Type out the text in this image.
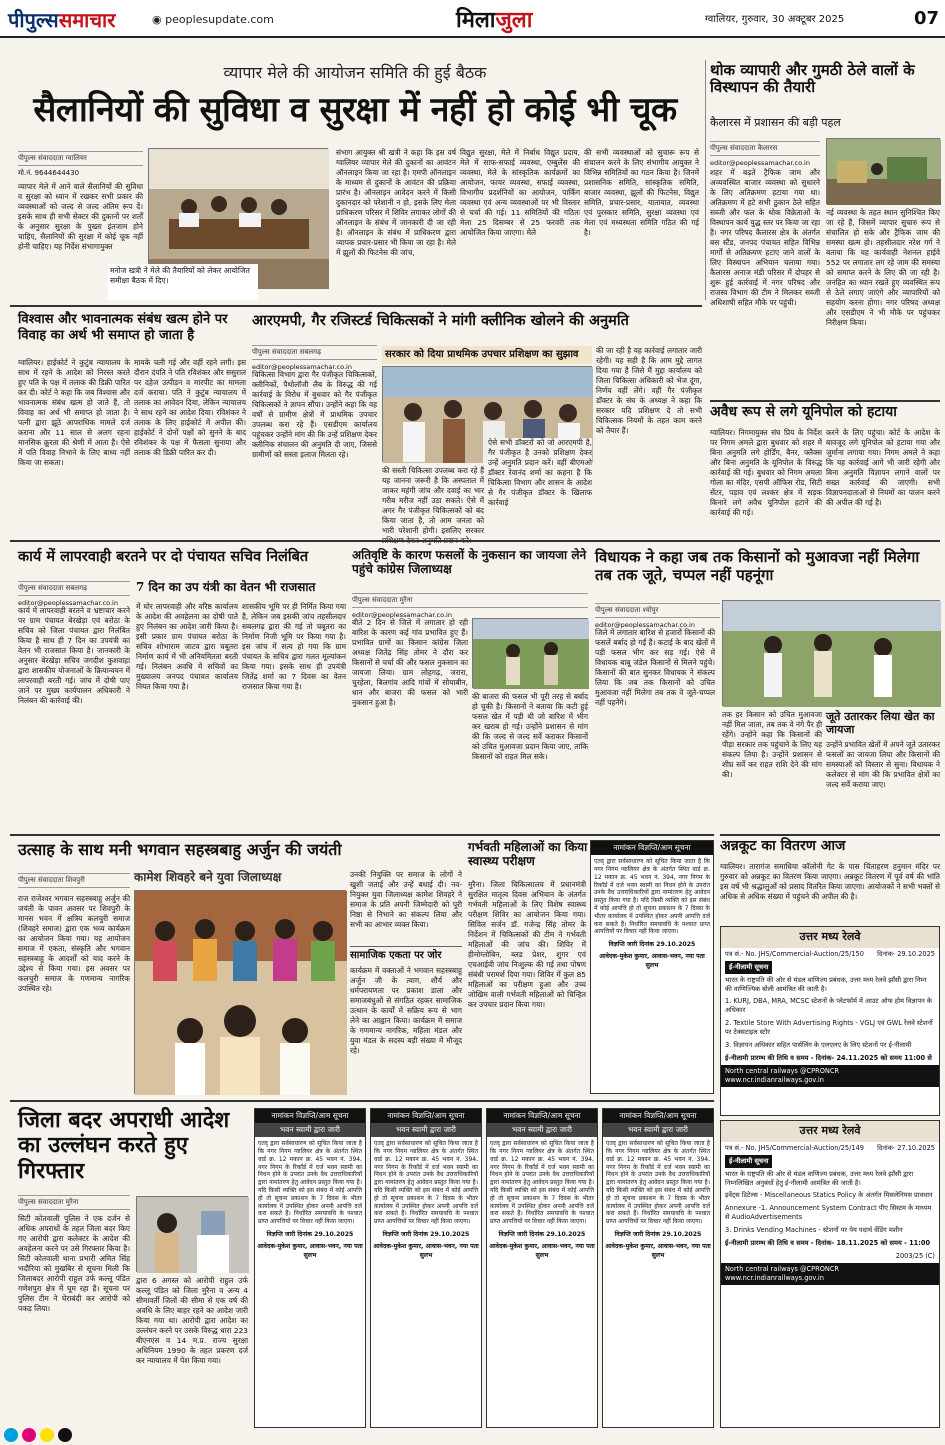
पीपुल्ससमाचार	◉ peoplesupdate.com	मिलाजुला	ग्वालियर, गुरुवार, 30 अक्टूबर 2025	07
व्यापार मेले की आयोजन समिति की हुई बैठक
सैलानियों की सुविधा व सुरक्षा में नहीं हो कोई भी चूक
पीपुल्स संवाददाता ग्वालियर
मो.नं. 9644644430
व्यापार मेले में आने वाले सैलानियों की सुविधा व सुरक्षा को ध्यान में रखकर सभी प्रकार की व्यवस्थाओं को जल्द से जल्द अंतिम रूप दें। इसके साथ ही सभी सेक्टर की दुकानों पर शर्तों के अनुसार सुरक्षा के पुख्ता इंतजाम होने चाहिए, सैलानियों की सुरक्षा में कोई चूक नहीं होनी चाहिए। यह निर्देश संभागायुक्त
मनोज खत्री ने मेले की तैयारियों को लेकर आयोजित समीक्षा बैठक में दिए।
संभाग आयुक्त श्री खत्री ने कहा कि इस वर्ष ग्वालियर व्यापार मेले की दुकानों का आवंटन ऑनलाइन किया जा रहा है। एमपी ऑनलाइन के माध्यम से दुकानों के आवंटन की प्रक्रिया प्रारंभ है। ऑनलाइन आवेदन करने में किसी दुकानदार को परेशानी न हो, इसके लिए मेला प्राधिकरण परिसर में शिविर लगाकर लोगों की ऑनलाइन के संबंध में जानकारी दी जा रही है। ऑनलाइन के संबंध में प्राधिकरण द्वारा व्यापक प्रचार-प्रसार भी किया जा रहा है। मेले में झूलों की फिटनेस की जांच,
विद्युत सुरक्षा, मेले में निर्बाध विद्युत प्रदाय, मेले में साफ-सफाई व्यवस्था, एम्बुलेंस की व्यवस्था, मेले के सांस्कृतिक कार्यक्रमों का आयोजन, फायर व्यवस्था, सफाई व्यवस्था, विभागीय प्रदर्शनियों का आयोजन, पार्किंग व्यवस्था एवं अन्य व्यवस्थाओं पर भी विस्तार से चर्चा की गई। 11 समितियों की गठितः मेला 25 दिसम्बर से 25 फरवरी तक आयोजित किया जाएगा। मेले
की सभी व्यवस्थाओं को सुचारू रूप से संचालन करने के लिए संभागीय आयुक्त ने विभिन्न समितियों का गठन किया है। जिनमें प्रशासनिक समिति, सांस्कृतिक समिति, बाजार व्यवस्था, झूलों की फिटनेस, विद्युत समिति, प्रचार-प्रसार, यातायात, व्यवस्था एवं पुरस्कार समिति, सुरक्षा व्यवस्था एवं मेला एवं मध्यस्थता समिति गठित की गई है।
थोक व्यापारी और गुमठी ठेले वालों के विस्थापन की तैयारी
कैलारस में प्रशासन की बड़ी पहल
पीपुल्स संवाददाता कैलारस
editor@peoplessamachar.co.in
शहर में बढ़ते ट्रैफिक जाम और अव्यवस्थित बाजार व्यवस्था को सुधारने के लिए अतिक्रमण हटाया गया था। अतिक्रमण में हटे सभी ठुकान ठेले सहित सब्जी और फल के थोक विक्रेताओं के विस्थापन कार्य युद्ध स्तर पर किया जा रहा है। नगर परिषद कैलारस क्षेत्र के अंतर्गत बस स्टैंड, जनपद पंचायत सहित विभिन्न मार्गों से अतिक्रमण हटाए जाने वालों के लिए विस्थापन अभियान चलाया गया। कैलारस अनाज मंडी परिसर में दोपहर से शुरू हुई कार्रवाई में नगर परिषद और राजस्व विभाग की टीम ने मिलकर सब्जी अधिशाषी सहित मौके पर पहुंची।
नई व्यवस्था के तहत स्थान सुनिश्चित किए जा रहे हैं, जिसमें व्यापार सुचारु रूप से संचालित हो सके और ट्रैफिक जाम की समस्या खत्म हो। तहसीलदार नरेश गर्ग ने बताया कि यह कार्यवाही नेशनल हाईवे 552 पर लगातार लग रहे जाम की समस्या को समाप्त करने के लिए की जा रही है। जनहित का ध्यान रखते हुए व्यवस्थित रूप से ठेले लगाए जाएंगे और व्यापारियों को सहयोग करना होगा। नगर परिषद अध्यक्ष और एसडीएम ने भी मौके पर पहुंचकर निरीक्षण किया।
अवैध रूप से लगे यूनिपोल को हटाया
ग्वालियर। निगमायुक्त संघ प्रिय के निर्देश पर निगम अमले द्वारा बुधवार को शहर में बिना अनुमति लगे होर्डिंग, बैनर, फ्लैक्स और बिना अनुमति के यूनिपोल के विरुद्ध कार्रवाई की गई। बुधवार को निगम अमला गोला का मंदिर, एसपी ऑफिस रोड, सिटी सेंटर, पड़ाव एवं लश्कर क्षेत्र में सड़क किनारे लगे अवैध यूनिपोल हटाने की कार्रवाई की गई।
करने के लिए पहुंचा। कोर्ट के आदेश के बावजूद लगे यूनिपोल को हटाया गया और जुर्माना लगाया गया। निगम अमले ने कहा कि यह कार्रवाई आगे भी जारी रहेगी और बिना अनुमति विज्ञापन लगाने वालों पर सख्त कार्रवाई की जाएगी। सभी विज्ञापनदाताओं से नियमों का पालन करने की अपील की गई है।
विश्वास और भावनात्मक संबंध खत्म होने पर विवाह का अर्थ भी समाप्त हो जाता है
ग्वालियर। हाईकोर्ट ने कुटुंब न्यायालय के साथ में रहने के आदेश को निरस्त करते हुए पति के पक्ष में तलाक की डिक्री पारित कर दी। कोर्ट ने कहा कि जब विश्वास और भावनात्मक संबंध खत्म हो जाते हैं, तो विवाह का अर्थ भी समाप्त हो जाता है। पत्नी द्वारा झूठे आपराधिक मामले दर्ज कराना और 11 साल से अलग रहना मानसिक क्रूरता की श्रेणी में आता है। ऐसे में पति विवाह निभाने के लिए बाध्य नहीं किया जा सकता।
मायके चली गई और वहीं रहने लगी। इस दौरान दंपति ने पति रविशंकर और ससुराल पर दहेज उत्पीड़न व मारपीट का मामला दर्ज कराया। पति ने कुटुंब न्यायालय में तलाक का आवेदन दिया, लेकिन न्यायालय ने साथ रहने का आदेश दिया। रविशंकर ने तलाक के लिए हाईकोर्ट में अपील की। हाईकोर्ट ने दोनों पक्षों को सुनने के बाद रविशंकर के पक्ष में फैसला सुनाया और तलाक की डिक्री पारित कर दी।
आरएमपी, गैर रजिस्टर्ड चिकित्सकों ने मांगी क्लीनिक खोलने की अनुमति
पीपुल्स संवाददाता सबलगढ़
editor@peoplessamachar.co.in
चिकित्सा विभाग द्वारा गैर पंजीकृत चिकित्सकों, क्लीनिकों, पैथोलॉजी लैब के विरुद्ध की गई कार्रवाई के विरोध में बुधवार को गैर पंजीकृत चिकित्सकों ने ज्ञापन सौंपा। उन्होंने कहा कि वह वर्षों से ग्रामीण क्षेत्रों में प्राथमिक उपचार उपलब्ध करा रहे हैं। एसडीएम कार्यालय पहुंचकर उन्होंने मांग की कि उन्हें प्रशिक्षण देकर क्लीनिक संचालन की अनुमति दी जाए, जिससे ग्रामीणों को सस्ता इलाज मिलता रहे।
सरकार को दिया प्राथमिक उपचार प्रशिक्षण का सुझाव
की सस्ती चिकित्सा उपलब्ध करा रहे हैं यह जानना जरूरी है कि अस्पताल में जाकर महंगी जांच और दवाई का भार गरीब मरीज नहीं उठा सकते। ऐसे में अगर गैर पंजीकृत चिकित्सकों को बंद किया जाता है, तो आम जनता को भारी परेशानी होगी। इसलिए सरकार
ऐसे सभी डॉक्टरों को जो आरएमपी है, गैर पंजीकृत है उनको प्रशिक्षण देकर उन्हें अनुमति प्रदान करें। वहीं बीएमओ डॉक्टर रेवानंद शर्मा का कहना है कि चिकित्सा विभाग और शासन के आदेश से गैर पंजीकृत डॉक्टर के खिलाफ कार्रवाई
की जा रही है यह कार्रवाई लगातार जारी रहेगी। यह सही है कि आम मुद्दे लागत दिया गया है जिसे मैं मुद्दा कार्यालय को जिला चिकित्सा अधिकारी को भेज दूंगा, निर्णय वहीं लेंगे। वहीं गैर पंजीकृत डॉक्टर के संघ के अध्यक्ष ने कहा कि सरकार यदि प्रशिक्षण दे तो सभी चिकित्सक नियमों के तहत काम करने को तैयार हैं।
कार्य में लापरवाही बरतने पर दो पंचायत सचिव निलंबित
पीपुल्स संवाददाता सबलगढ़
editor@peoplessamachar.co.in
कार्य में लापरवाही बरतने व भ्रष्टाचार करने पर ग्राम पंचायत बेरखेड़ा एवं बरोठा के सचिव को जिला पंचायत द्वारा निलंबित किया है साथ ही 7 दिन का उपयंत्री का वेतन भी राजसात किया है। जानकारी के अनुसार बेरखेड़ा सचिव जगदीश कुशवाहा द्वारा शासकीय योजनाओं के क्रियान्वयन में लापरवाही बरती गई। जांच में दोषी पाए जाने पर मुख्य कार्यपालन अधिकारी ने निलंबन की कार्रवाई की।
7 दिन का उप यंत्री का वेतन भी राजसात
में घोर लापरवाही और वरिष्ठ कार्यालय के आदेश की अवहेलना का दोषी पाते हुए निलंबन का आदेश जारी किया है। इसी प्रकार ग्राम पंचायत बरोठा के सचिव शोभाराम जाटव द्वारा चबूतरा निर्माण कार्य में भी अनियमितता बरती गई। निलंबन अवधि में सचिवों का मुख्यालय जनपद पंचायत कार्यालय नियत किया गया है।
शासकीय भूमि पर ही निर्मित किया गया है, लेकिन जब इसकी जांच तहसीलदार सबलगढ़ द्वारा की गई तो चबूतरा का निर्माण निजी भूमि पर किया गया है। इस जांच में सत्य हो गया कि ग्राम पंचायत के सचिव द्वारा गलत मूल्यांकन किया गया। इसके साथ ही उपयंत्री जितेंद्र शर्मा का 7 दिवस का वेतन राजसात किया गया है।
अतिवृष्टि के कारण फसलों के नुकसान का जायजा लेने पहुंचे कांग्रेस जिलाध्यक्ष
पीपुल्स संवाददाता मुरैना
editor@peoplessamachar.co.in
बीते 2 दिन से जिले में लगातार हो रही बारिश के कारण कई गांव प्रभावित हुए हैं। प्रभावित ग्रामों का किसान कांग्रेस जिला अध्यक्ष जितेंद्र सिंह तोमर ने दौरा कर किसानों से चर्चा की और फसल नुकसान का जायजा लिया। ग्राम लोहगढ़, जरारा, चुरहेला, बिलगांव आदि गांवों में सोयाबीन, धान और बाजरा की फसल को भारी नुकसान हुआ है।
की बाजरा की फसल भी पूरी तरह से बर्बाद हो चुकी है। किसानों ने बताया कि कटी हुई फसल खेत में पड़ी थी जो बारिश में भीग कर खराब हो गई। उन्होंने प्रशासन से मांग की कि जल्द से जल्द सर्वे कराकर किसानों को उचित मुआवजा प्रदान किया जाए, ताकि किसानों को राहत मिल सके।
विधायक ने कहा जब तक किसानों को मुआवजा नहीं मिलेगा तब तक जूते, चप्पल नहीं पहनूंगा
पीपुल्स संवाददाता श्योपुर
editor@peoplessamachar.co.in
जिले में लगातार बारिश से हजारों किसानों की फसलें बर्बाद हो गईं हैं। कटाई के बाद खेतों में पड़ी फसल भीग कर सड़ गई। ऐसे में विधायक बाबू जंडेल किसानों से मिलने पहुंचे। किसानों की बात सुनकर विधायक ने संकल्प लिया कि जब तक किसानों को उचित मुआवजा नहीं मिलेगा तब तक वे जूते-चप्पल नहीं पहनेंगे।
तक हर किसान को उचित मुआवजा नहीं मिल जाता, तब तक वे नंगे पैर ही रहेंगे। उन्होंने कहा कि किसानों की पीड़ा सरकार तक पहुंचाने के लिए यह संकल्प लिया है। उन्होंने प्रशासन से शीघ्र सर्वे कर राहत राशि देने की मांग की।
जूते उतारकर लिया खेत का जायजा
उन्होंने प्रभावित खेतों में अपने जूते उतारकर फसलों का जायजा लिया और किसानों की समस्याओं को विस्तार से सुना। विधायक ने कलेक्टर से मांग की कि प्रभावित क्षेत्रों का जल्द सर्वे कराया जाए।
अन्नकूट का वितरण आज
ग्वालियर। तारागंज समाधिया कॉलोनी गेट के पास चिंताहरण हनुमान मंदिर पर गुरुवार को अन्नकूट का वितरण किया जाएगा। अन्नकूट वितरण में पूर्व वर्ष की भांति इस वर्ष भी श्रद्धालुओं को प्रसाद वितरित किया जाएगा। आयोजकों ने सभी भक्तों से अधिक से अधिक संख्या में पहुंचने की अपील की है।
उत्साह के साथ मनी भगवान सहस्त्रबाहु अर्जुन की जयंती
पीपुल्स संवाददाता शिवपुरी
राज राजेश्वर भगवान सहस्त्रबाहु अर्जुन की जयंती के पावन अवसर पर शिवपुरी के मानस भवन में क्षत्रिय कलचुरी समाज (शिवहरे समाज) द्वारा एक भव्य कार्यक्रम का आयोजन किया गया। यह आयोजन समाज में एकता, संस्कृति और भगवान सहस्त्रबाहु के आदर्शों को याद करने के उद्देश्य से किया गया। इस अवसर पर कलचुरी समाज के गणमान्य नागरिक उपस्थित रहे।
कामेश शिवहरे बने युवा जिलाध्यक्ष	उनकी नियुक्ति पर समाज के लोगों ने खुशी जताई और उन्हें बधाई दी। नव-नियुक्त युवा जिलाध्यक्ष कामेश शिवहरे ने समाज के प्रति अपनी जिम्मेदारी को पूरी निष्ठा से निभाने का संकल्प लिया और सभी का आभार व्यक्त किया।
सामाजिक एकता पर जोर
कार्यक्रम में वक्ताओं ने भगवान सहस्त्रबाहु अर्जुन जी के त्याग, शौर्य और धर्मपरायणता पर प्रकाश डाला और समाजबंधुओं से संगठित रहकर सामाजिक उत्थान के कार्यों में सक्रिय रूप से भाग लेने का आह्वान किया। कार्यक्रम में समाज के गणमान्य नागरिक, महिला मंडल और युवा मंडल के सदस्य बड़ी संख्या में मौजूद रहे।
गर्भवती महिलाओं का किया स्वास्थ्य परीक्षण
मुरैना। जिला चिकित्सालय में प्रधानमंत्री सुरक्षित मातृत्व दिवस अभियान के अंतर्गत गर्भवती महिलाओं के लिए विशेष स्वास्थ्य परीक्षण शिविर का आयोजन किया गया। सिविल सर्जन डॉ. गजेन्द्र सिंह तोमर के निर्देशन में चिकित्सकों की टीम ने गर्भवती महिलाओं की जांच की। शिविर में हीमोग्लोबिन, ब्लड प्रेशर, शुगर एवं एचआईवी जांच निःशुल्क की गई तथा पोषण संबंधी परामर्श दिया गया। शिविर में कुल 85 महिलाओं का परीक्षण हुआ और उच्च जोखिम वाली गर्भवती महिलाओं को चिन्हित कर उपचार प्रदान किया गया।
नामांकन विज्ञप्ति/आम सूचना
एतद् द्वारा सर्वसाधारण को सूचित किया जाता है कि नगर निगम ग्वालियर क्षेत्र के अंतर्गत स्थित वार्ड क्र. 12 मकान क्र. 45 भवन नं. 394, नगर निगम के रिकॉर्ड में दर्ज भवन स्वामी का निधन होने के उपरांत उनके वैध उत्तराधिकारियों द्वारा नामांतरण हेतु आवेदन प्रस्तुत किया गया है। यदि किसी व्यक्ति को इस संबंध में कोई आपत्ति हो तो सूचना प्रकाशन के 7 दिवस के भीतर कार्यालय में उपस्थित होकर अपनी आपत्ति दर्ज करा सकते हैं। निर्धारित समयावधि के पश्चात प्राप्त आपत्तियों पर विचार नहीं किया जाएगा।
विज्ञप्ति जारी दिनांक 29.10.2025
आवेदक-मुकेश कुमार, आवास-भवन, नया पता सुलभ
उत्तर मध्य रेलवे
पत्र सं.- No. JHS/Commercial-Auction/25/150 दिनांक- 29.10.2025
ई-नीलामी सूचना
भारत के राष्ट्रपति की ओर से मंडल वाणिज्य प्रबंधक, उत्तर मध्य रेलवे झाँसी द्वारा निम्न की वाणिज्यिक बोली आमंत्रित की जाती है।
1. KURJ, DBA, MRA, MCSC स्टेशनों के प्लेटफॉर्म में आउट ऑफ होम विज्ञापन के अधिकार
2. Textile Store With Advertising Rights - VGLJ एवं GWL रेलवे स्टेशनों पर टेक्सटाइल स्टोर
3. विज्ञापन अधिकार सहित पार्सलिंग के एलएलए के लिए स्टेशनों पर ई-नीलामी
ई-नीलामी प्रारम्भ की तिथि व समय - दिनांक- 24.11.2025 को समय 11:00 से
North central railways @CPRONCR www.ncr.indianrailways.gov.in
जिला बदर अपराधी आदेश का उल्लंघन करते हुए गिरफ्तार
पीपुल्स संवाददाता मुरैना
सिटी कोतवाली पुलिस ने एक दर्जन से अधिक अपराधों के तहत जिला बदर किए गए आरोपी द्वारा कलेक्टर के आदेश की अवहेलना करने पर उसे गिरफ्तार किया है। सिटी कोतवाली थाना प्रभारी अमित सिंह भदौरिया को मुखबिर से सूचना मिली कि जिलाबदर आरोपी राहुल उर्फ कल्लू पंडित गणेशपुरा क्षेत्र में घूम रहा है। सूचना पर पुलिस टीम ने घेराबंदी कर आरोपी को पकड़ लिया।
द्वारा 6 अगस्त को आरोपी राहुल उर्फ कल्लू पंडित को जिला मुरैना व अन्य 4 सीमावर्ती जिलों की सीमा से एक वर्ष की अवधि के लिए बाहर रहने का आदेश जारी किया गया था। आरोपी द्वारा आदेश का उल्लंघन करने पर उसके विरुद्ध धारा 223 बीएनएस व 14 म.प्र. राज्य सुरक्षा अधिनियम 1990 के तहत प्रकरण दर्ज कर न्यायालय में पेश किया गया।
नामांकन विज्ञप्ति/आम सूचना
भवन स्वामी द्वारा जारी
एतद् द्वारा सर्वसाधारण को सूचित किया जाता है कि नगर निगम ग्वालियर क्षेत्र के अंतर्गत स्थित वार्ड क्र. 12 मकान क्र. 45 भवन नं. 394, नगर निगम के रिकॉर्ड में दर्ज भवन स्वामी का निधन होने के उपरांत उनके वैध उत्तराधिकारियों द्वारा नामांतरण हेतु आवेदन प्रस्तुत किया गया है। यदि किसी व्यक्ति को इस संबंध में कोई आपत्ति हो तो सूचना प्रकाशन के 7 दिवस के भीतर कार्यालय में उपस्थित होकर अपनी आपत्ति दर्ज करा सकते हैं। निर्धारित समयावधि के पश्चात प्राप्त आपत्तियों पर विचार नहीं किया जाएगा।
विज्ञप्ति जारी दिनांक 29.10.2025
आवेदक-मुकेश कुमार, आवास-भवन, नया पता सुलभ
नामांकन विज्ञप्ति/आम सूचना
भवन स्वामी द्वारा जारी
एतद् द्वारा सर्वसाधारण को सूचित किया जाता है कि नगर निगम ग्वालियर क्षेत्र के अंतर्गत स्थित वार्ड क्र. 12 मकान क्र. 45 भवन नं. 394, नगर निगम के रिकॉर्ड में दर्ज भवन स्वामी का निधन होने के उपरांत उनके वैध उत्तराधिकारियों द्वारा नामांतरण हेतु आवेदन प्रस्तुत किया गया है। यदि किसी व्यक्ति को इस संबंध में कोई आपत्ति हो तो सूचना प्रकाशन के 7 दिवस के भीतर कार्यालय में उपस्थित होकर अपनी आपत्ति दर्ज करा सकते हैं। निर्धारित समयावधि के पश्चात प्राप्त आपत्तियों पर विचार नहीं किया जाएगा।
विज्ञप्ति जारी दिनांक 29.10.2025
आवेदक-मुकेश कुमार, आवास-भवन, नया पता सुलभ
नामांकन विज्ञप्ति/आम सूचना
भवन स्वामी द्वारा जारी
एतद् द्वारा सर्वसाधारण को सूचित किया जाता है कि नगर निगम ग्वालियर क्षेत्र के अंतर्गत स्थित वार्ड क्र. 12 मकान क्र. 45 भवन नं. 394, नगर निगम के रिकॉर्ड में दर्ज भवन स्वामी का निधन होने के उपरांत उनके वैध उत्तराधिकारियों द्वारा नामांतरण हेतु आवेदन प्रस्तुत किया गया है। यदि किसी व्यक्ति को इस संबंध में कोई आपत्ति हो तो सूचना प्रकाशन के 7 दिवस के भीतर कार्यालय में उपस्थित होकर अपनी आपत्ति दर्ज करा सकते हैं। निर्धारित समयावधि के पश्चात प्राप्त आपत्तियों पर विचार नहीं किया जाएगा।
विज्ञप्ति जारी दिनांक 29.10.2025
आवेदक-मुकेश कुमार, आवास-भवन, नया पता सुलभ
नामांकन विज्ञप्ति/आम सूचना
भवन स्वामी द्वारा जारी
एतद् द्वारा सर्वसाधारण को सूचित किया जाता है कि नगर निगम ग्वालियर क्षेत्र के अंतर्गत स्थित वार्ड क्र. 12 मकान क्र. 45 भवन नं. 394, नगर निगम के रिकॉर्ड में दर्ज भवन स्वामी का निधन होने के उपरांत उनके वैध उत्तराधिकारियों द्वारा नामांतरण हेतु आवेदन प्रस्तुत किया गया है। यदि किसी व्यक्ति को इस संबंध में कोई आपत्ति हो तो सूचना प्रकाशन के 7 दिवस के भीतर कार्यालय में उपस्थित होकर अपनी आपत्ति दर्ज करा सकते हैं। निर्धारित समयावधि के पश्चात प्राप्त आपत्तियों पर विचार नहीं किया जाएगा।
विज्ञप्ति जारी दिनांक 29.10.2025
आवेदक-मुकेश कुमार, आवास-भवन, नया पता सुलभ
उत्तर मध्य रेलवे
पत्र सं.- No. JHS/Commercial-Auction/25/149 दिनांक- 27.10.2025
ई-नीलामी सूचना
भारत के राष्ट्रपति की ओर से मंडल वाणिज्य प्रबंधक, उत्तर मध्य रेलवे झाँसी द्वारा निम्नलिखित अनुबंधों हेतु ई-नीलामी आमंत्रित की जाती है।
इवेंट्स डिटेल्स - Miscellaneous Statics Policy के अंतर्गत मिसलेनियस प्रावधान
Annexure -1. Announcement System Contract पीए सिस्टम के माध्यम से AudioAdvertisements
3. Drinks Vending Machines - स्टेशनों पर पेय पदार्थ वेंडिंग मशीन
ई-नीलामी प्रारम्भ की तिथि व समय - दिनांक- 18.11.2025 को समय - 11:00
2003/25 (C)
North central railways @CPRONCR www.ncr.indianrailways.gov.in
